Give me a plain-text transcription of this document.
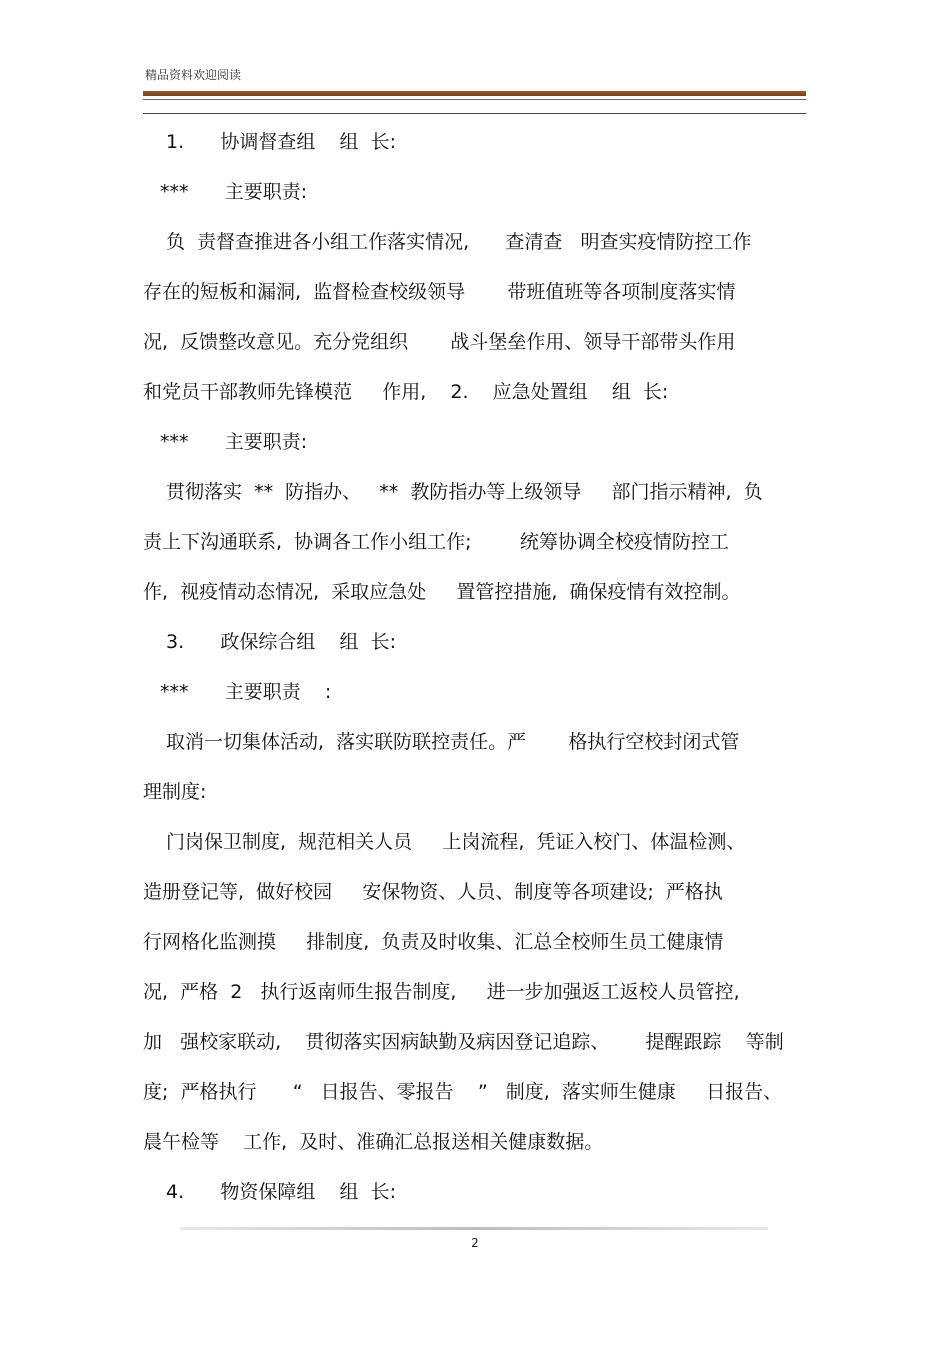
精品资料欢迎阅读
1.      协调督查组    组  长:
***      主要职责:
负  责督查推进各小组工作落实情况,      查清查   明查实疫情防控工作
存在的短板和漏洞,  监督检查校级领导       带班值班等各项制度落实情
况,  反馈整改意见。充分党组织       战斗堡垒作用、领导干部带头作用
和党员干部教师先锋模范     作用,    2.    应急处置组    组  长:
***      主要职责:
贯彻落实  **  防指办、   **  教防指办等上级领导     部门指示精神,  负
责上下沟通联系,  协调各工作小组工作;        统筹协调全校疫情防控工
作,  视疫情动态情况,  采取应急处     置管控措施,  确保疫情有效控制。
3.      政保综合组    组  长:
***      主要职责    :
取消一切集体活动,  落实联防联控责任。严       格执行空校封闭式管
理制度:
门岗保卫制度,  规范相关人员     上岗流程,  凭证入校门、体温检测、
造册登记等,  做好校园     安保物资、人员、制度等各项建设;  严格执
行网格化监测摸     排制度,  负责及时收集、汇总全校师生员工健康情
况,  严格  2   执行返南师生报告制度,     进一步加强返工返校人员管控,
加   强校家联动,    贯彻落实因病缺勤及病因登记追踪、      提醒跟踪    等制
度;  严格执行      “   日报告、零报告    ”   制度,  落实师生健康     日报告、
晨午检等    工作,  及时、准确汇总报送相关健康数据。
4.      物资保障组    组  长:
2
